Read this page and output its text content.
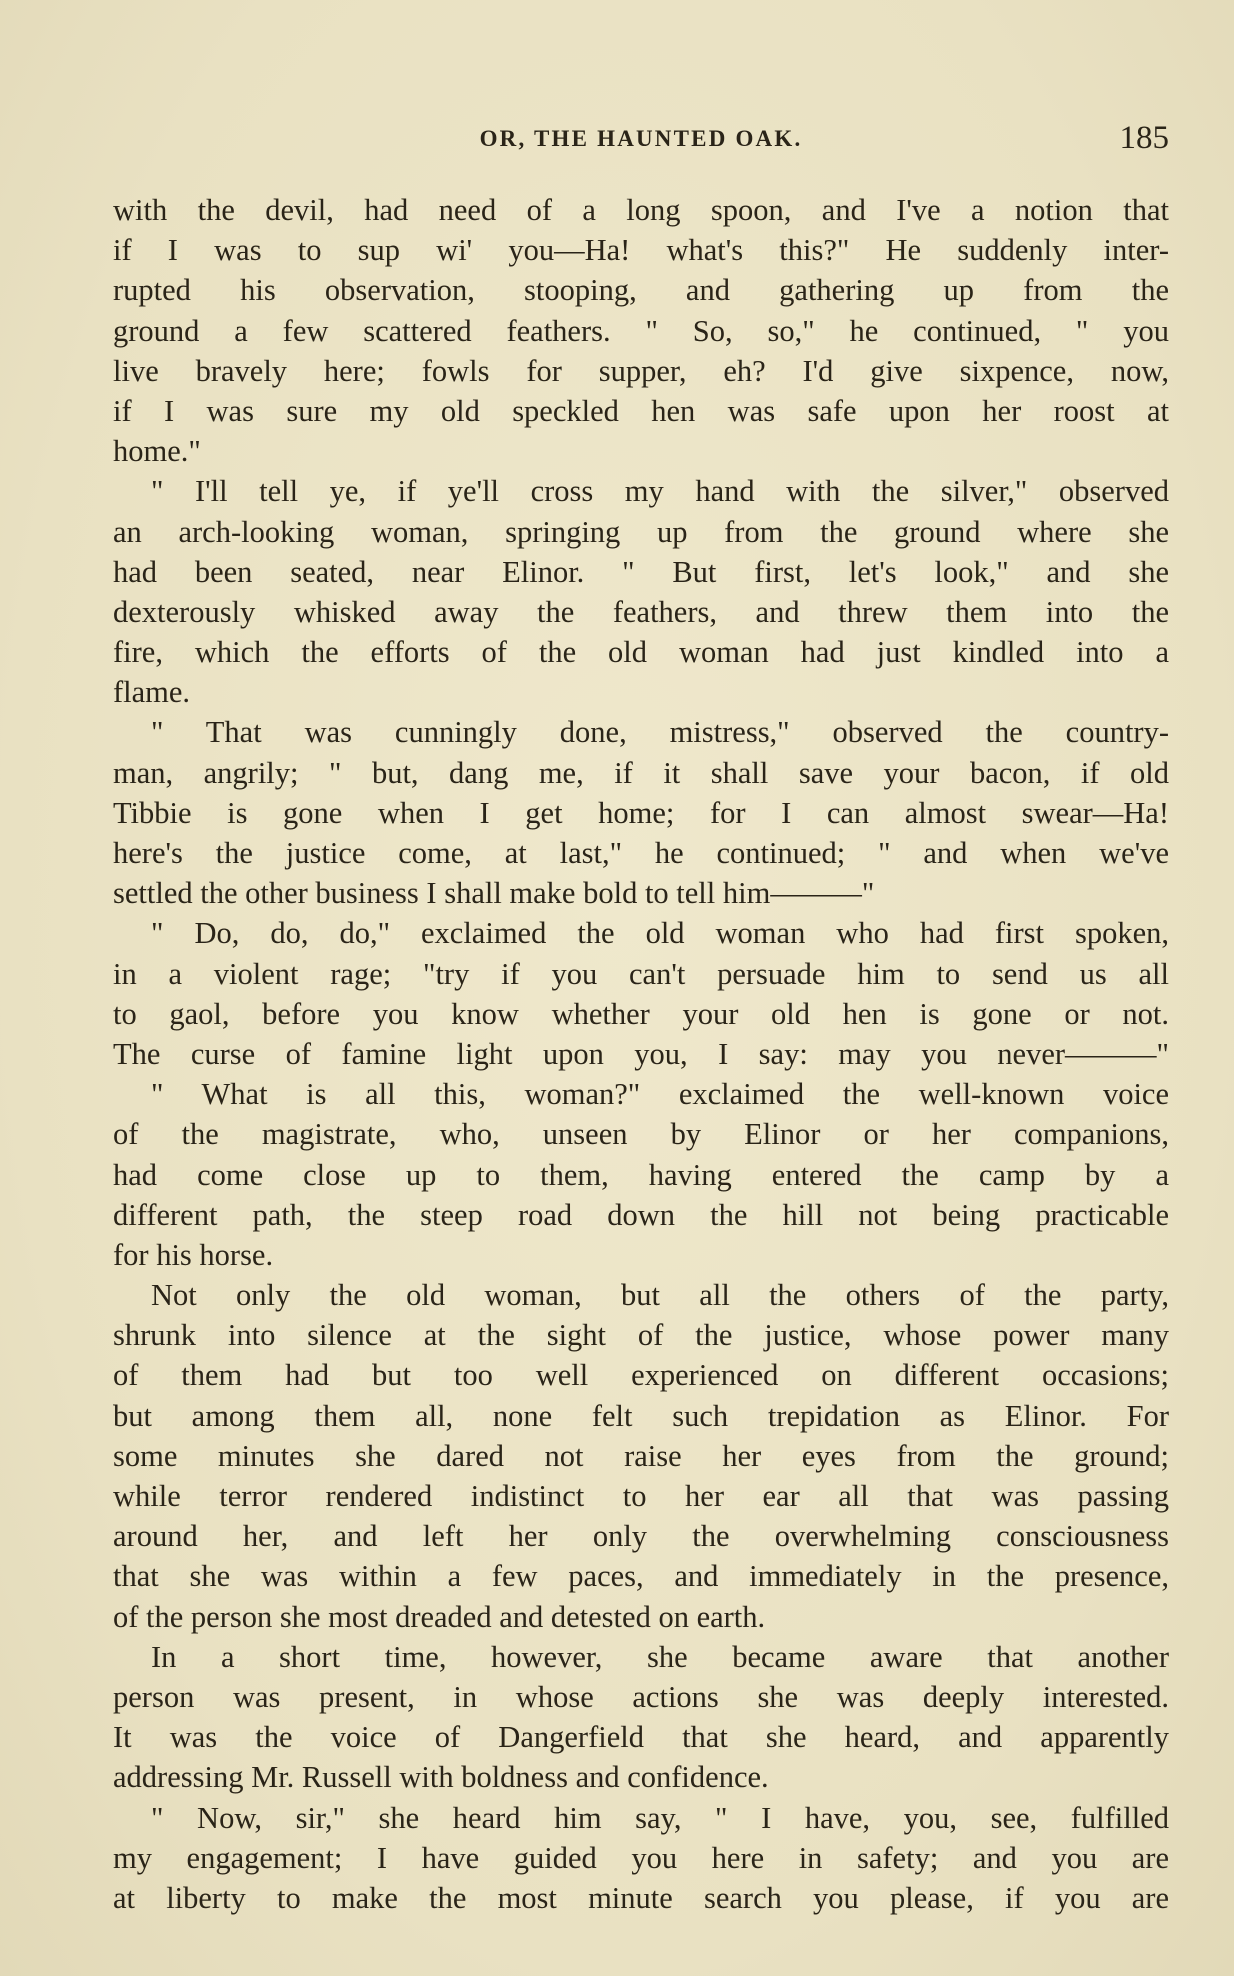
OR, THE HAUNTED OAK.	185
with the devil, had need of a long spoon, and I've a notion that
if I was to sup wi' you—Ha! what's this?" He suddenly inter-
rupted his observation, stooping, and gathering up from the
ground a few scattered feathers. " So, so," he continued, " you
live bravely here; fowls for supper, eh? I'd give sixpence, now,
if I was sure my old speckled hen was safe upon her roost at
home."
" I'll tell ye, if ye'll cross my hand with the silver," observed
an arch-looking woman, springing up from the ground where she
had been seated, near Elinor. " But first, let's look," and she
dexterously whisked away the feathers, and threw them into the
fire, which the efforts of the old woman had just kindled into a
flame.
" That was cunningly done, mistress," observed the country-
man, angrily; " but, dang me, if it shall save your bacon, if old
Tibbie is gone when I get home; for I can almost swear—Ha!
here's the justice come, at last," he continued; " and when we've
settled the other business I shall make bold to tell him———"
" Do, do, do," exclaimed the old woman who had first spoken,
in a violent rage; "try if you can't persuade him to send us all
to gaol, before you know whether your old hen is gone or not.
The curse of famine light upon you, I say: may you never———"
" What is all this, woman?" exclaimed the well-known voice
of the magistrate, who, unseen by Elinor or her companions,
had come close up to them, having entered the camp by a
different path, the steep road down the hill not being practicable
for his horse.
Not only the old woman, but all the others of the party,
shrunk into silence at the sight of the justice, whose power many
of them had but too well experienced on different occasions;
but among them all, none felt such trepidation as Elinor. For
some minutes she dared not raise her eyes from the ground;
while terror rendered indistinct to her ear all that was passing
around her, and left her only the overwhelming consciousness
that she was within a few paces, and immediately in the presence,
of the person she most dreaded and detested on earth.
In a short time, however, she became aware that another
person was present, in whose actions she was deeply interested.
It was the voice of Dangerfield that she heard, and apparently
addressing Mr. Russell with boldness and confidence.
" Now, sir," she heard him say, " I have, you, see, fulfilled
my engagement; I have guided you here in safety; and you are
at liberty to make the most minute search you please, if you are
